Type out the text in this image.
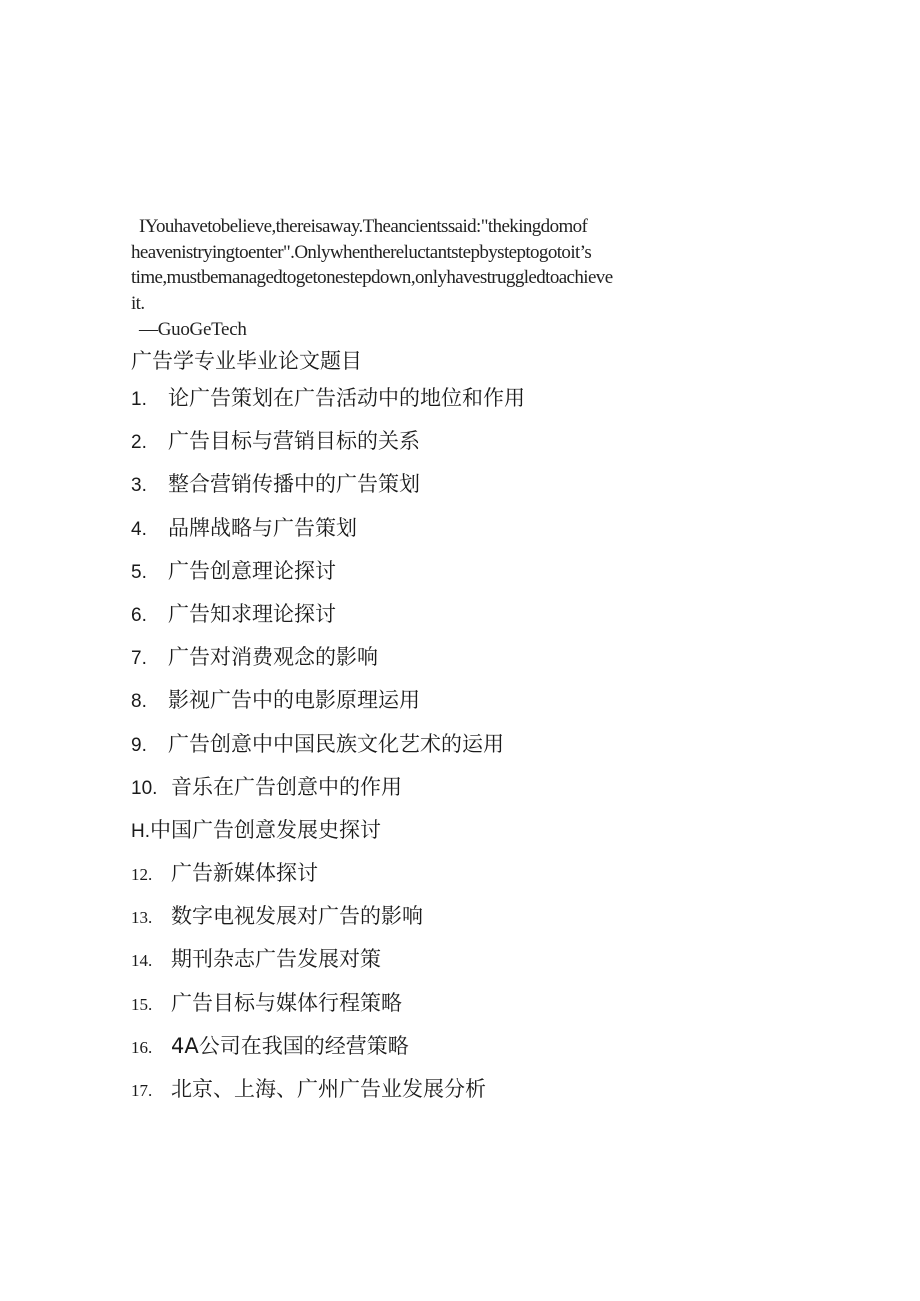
IYouhavetobelieve,thereisaway.Theancientssaid:"thekingdomof
heavenistryingtoenter".Onlywhenthereluctantstepbysteptogotoit’s
time,mustbemanagedtogetonestepdown,onlyhavestruggledtoachieve
it.
—GuoGeTech
广告学专业毕业论文题目
1. 论广告策划在广告活动中的地位和作用
2. 广告目标与营销目标的关系
3. 整合营销传播中的广告策划
4. 品牌战略与广告策划
5. 广告创意理论探讨
6. 广告知求理论探讨
7. 广告对消费观念的影响
8. 影视广告中的电影原理运用
9. 广告创意中中国民族文化艺术的运用
10. 音乐在广告创意中的作用
H.中国广告创意发展史探讨
12. 广告新媒体探讨
13. 数字电视发展对广告的影响
14. 期刊杂志广告发展对策
15. 广告目标与媒体行程策略
16. 4A公司在我国的经营策略
17. 北京、上海、广州广告业发展分析
